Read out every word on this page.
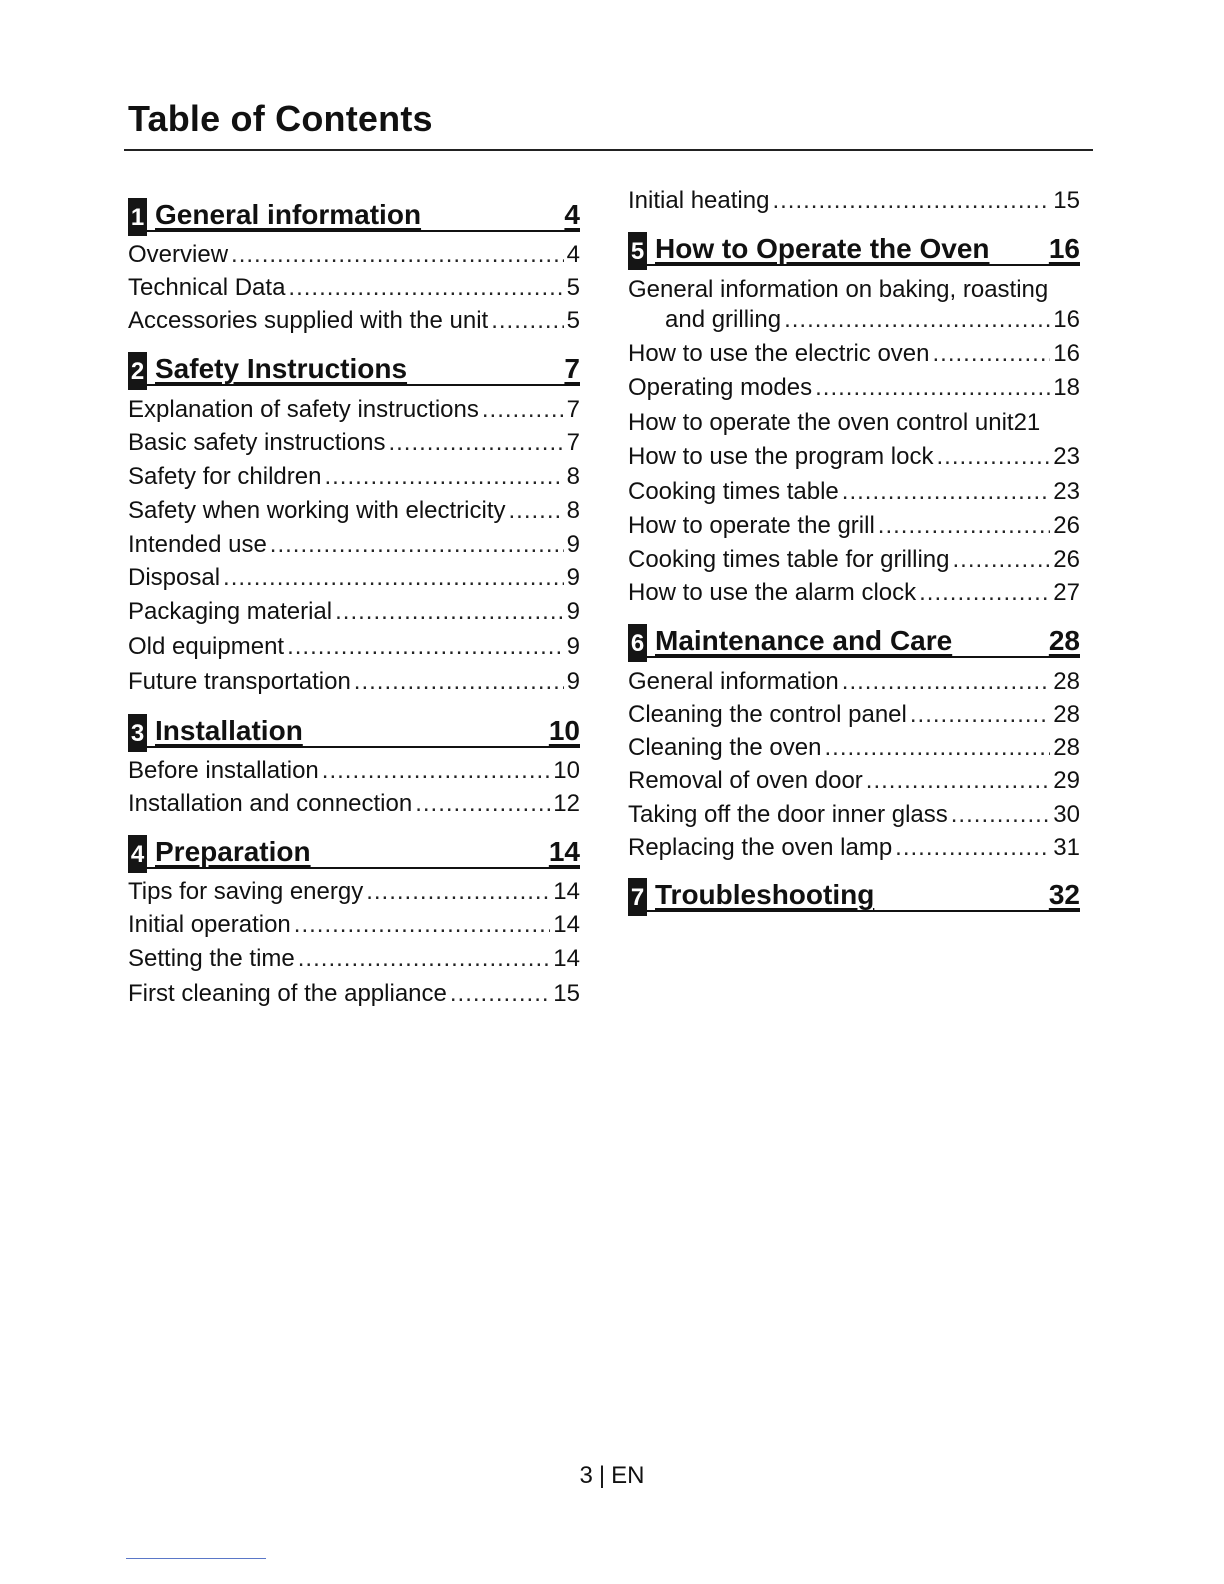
Table of Contents
1 General information	4
Overview .....	4
Technical Data .....	5
Accessories supplied with the unit .....	5
2 Safety Instructions	7
Explanation of safety instructions .....	7
Basic safety instructions .....	7
Safety for children .....	8
Safety when working with electricity .....	8
Intended use .....	9
Disposal .....	9
Packaging material .....	9
Old equipment .....	9
Future transportation .....	9
3 Installation	10
Before installation .....	10
Installation and connection .....	12
4 Preparation	14
Tips for saving energy .....	14
Initial operation .....	14
Setting the time .....	14
First cleaning of the appliance .....	15
Initial heating .....	15
5 How to Operate the Oven	16
General information on baking, roasting
and grilling .....	16
How to use the electric oven .....	16
Operating modes .....	18
How to operate the oven control unit21
How to use the program lock .....	23
Cooking times table .....	23
How to operate the grill .....	26
Cooking times table for grilling .....	26
How to use the alarm clock .....	27
6 Maintenance and Care	28
General information .....	28
Cleaning the control panel .....	28
Cleaning the oven .....	28
Removal of oven door .....	29
Taking off the door inner glass .....	30
Replacing the oven lamp .....	31
7 Troubleshooting	32
3 | EN
